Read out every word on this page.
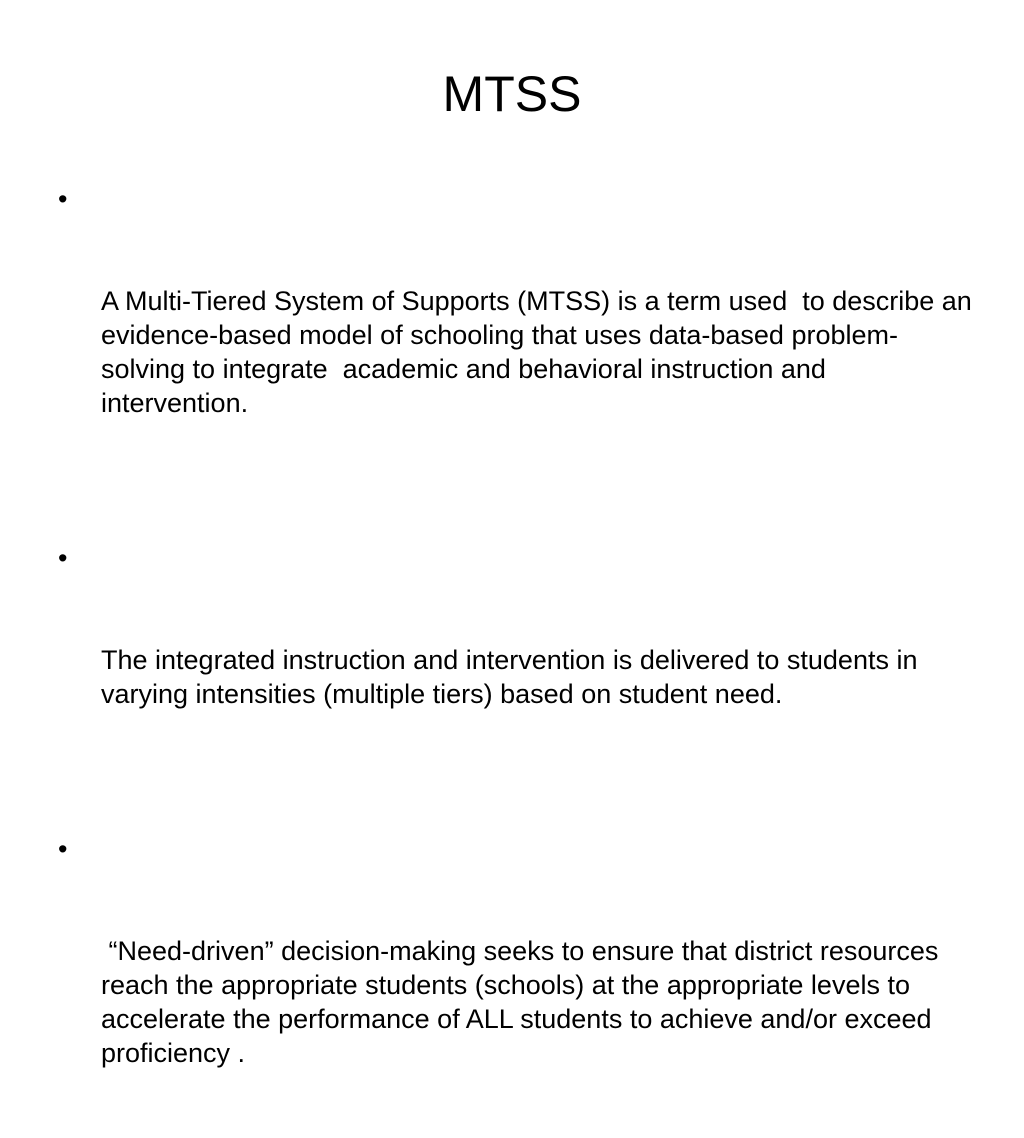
MTSS

•

A Multi-Tiered System of Supports (MTSS) is a term used  to describe an evidence-based model of schooling that uses data-based problem-solving to integrate  academic and behavioral instruction and intervention.

•

The integrated instruction and intervention is delivered to students in varying intensities (multiple tiers) based on student need.

•

“Need-driven” decision-making seeks to ensure that district resources reach the appropriate students (schools) at the appropriate levels to accelerate the performance of ALL students to achieve and/or exceed proficiency .
